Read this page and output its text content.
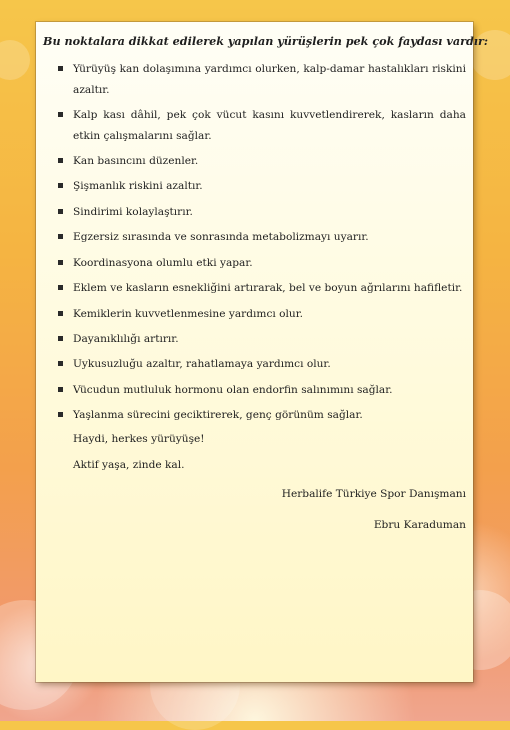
Bu noktalara dikkat edilerek yapılan yürüşlerin pek çok faydası vardır:

Yürüyüş kan dolaşımına yardımcı olurken, kalp-damar hastalıkları riskini azaltır.
Kalp kası dâhil, pek çok vücut kasını kuvvetlendirerek, kasların daha etkin çalışmalarını sağlar.
Kan basıncını düzenler.
Şişmanlık riskini azaltır.
Sindirimi kolaylaştırır.
Egzersiz sırasında ve sonrasında metabolizmayı uyarır.
Koordinasyona olumlu etki yapar.
Eklem ve kasların esnekliğini artırarak, bel ve boyun ağrılarını hafifletir.
Kemiklerin kuvvetlenmesine yardımcı olur.
Dayanıklılığı artırır.
Uykusuzluğu azaltır, rahatlamaya yardımcı olur.
Vücudun mutluluk hormonu olan endorfin salınımını sağlar.
Yaşlanma sürecini geciktirerek, genç görünüm sağlar.
Haydi, herkes yürüyüşe!
Aktif yaşa, zinde kal.
Herbalife Türkiye Spor Danışmanı
Ebru Karaduman
